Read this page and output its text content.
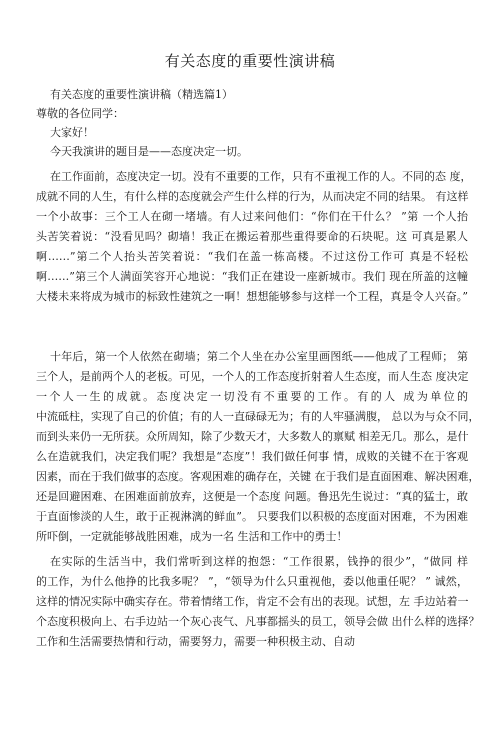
有关态度的重要性演讲稿
有关态度的重要性演讲稿（精选篇1）
尊敬的各位同学：
大家好！
今天我演讲的题目是——态度决定一切。
在工作面前，态度决定一切。没有不重要的工作，只有不重视工作的人。不同的态 度，
成就不同的人生，有什么样的态度就会产生什么样的行为，从而决定不同的结果。 有这样
一个小故事：三个工人在砌一堵墙。有人过来问他们：“你们在干什么？ ”第 一个人抬
头苦笑着说：“没看见吗？砌墙！我正在搬运着那些重得要命的石块呢。这 可真是累人
啊……”第二个人抬头苦笑着说：“我们在盖一栋高楼。不过这份工作可 真是不轻松
啊……”第三个人满面笑容开心地说：“我们正在建设一座新城市。我们 现在所盖的这幢
大楼未来将成为城市的标致性建筑之一啊！想想能够参与这样一个工程，真是令人兴奋。”
十年后，第一个人依然在砌墙；第二个人坐在办公室里画图纸——他成了工程师； 第
三个人，是前两个人的老板。可见，一个人的工作态度折射着人生态度，而人生态 度决定
一个人一生的成就。态度决定一切没有不重要的工作。有的人 成为单位的
中流砥柱，实现了自己的价值；有的人一直碌碌无为；有的人牢骚满腹， 总以为与众不同，
而到头来仍一无所获。众所周知，除了少数天才，大多数人的禀赋 相差无几。那么，是什
么在造就我们，决定我们呢？我想是“态度”！我们做任何事 情，成败的关键不在于客观
因素，而在于我们做事的态度。客观困难的确存在，关键 在于我们是直面困难、解决困难，
还是回避困难、在困难面前放弃，这便是一个态度 问题。鲁迅先生说过：“真的猛士，敢
于直面惨淡的人生，敢于正视淋漓的鲜血”。 只要我们以积极的态度面对困难，不为困难
所吓倒，一定就能够战胜困难，成为一名 生活和工作中的勇士！
在实际的生活当中，我们常听到这样的抱怨：“工作很累，钱挣的很少”，“做同 样
的工作，为什么他挣的比我多呢？ ”，“领导为什么只重视他，委以他重任呢？ ” 诚然，
这样的情况实际中确实存在。带着情绪工作，肯定不会有出的表现。试想，左 手边站着一
个态度积极向上、右手边站一个灰心丧气、凡事都摇头的员工，领导会做 出什么样的选择？
工作和生活需要热情和行动，需要努力，需要一种积极主动、自动
